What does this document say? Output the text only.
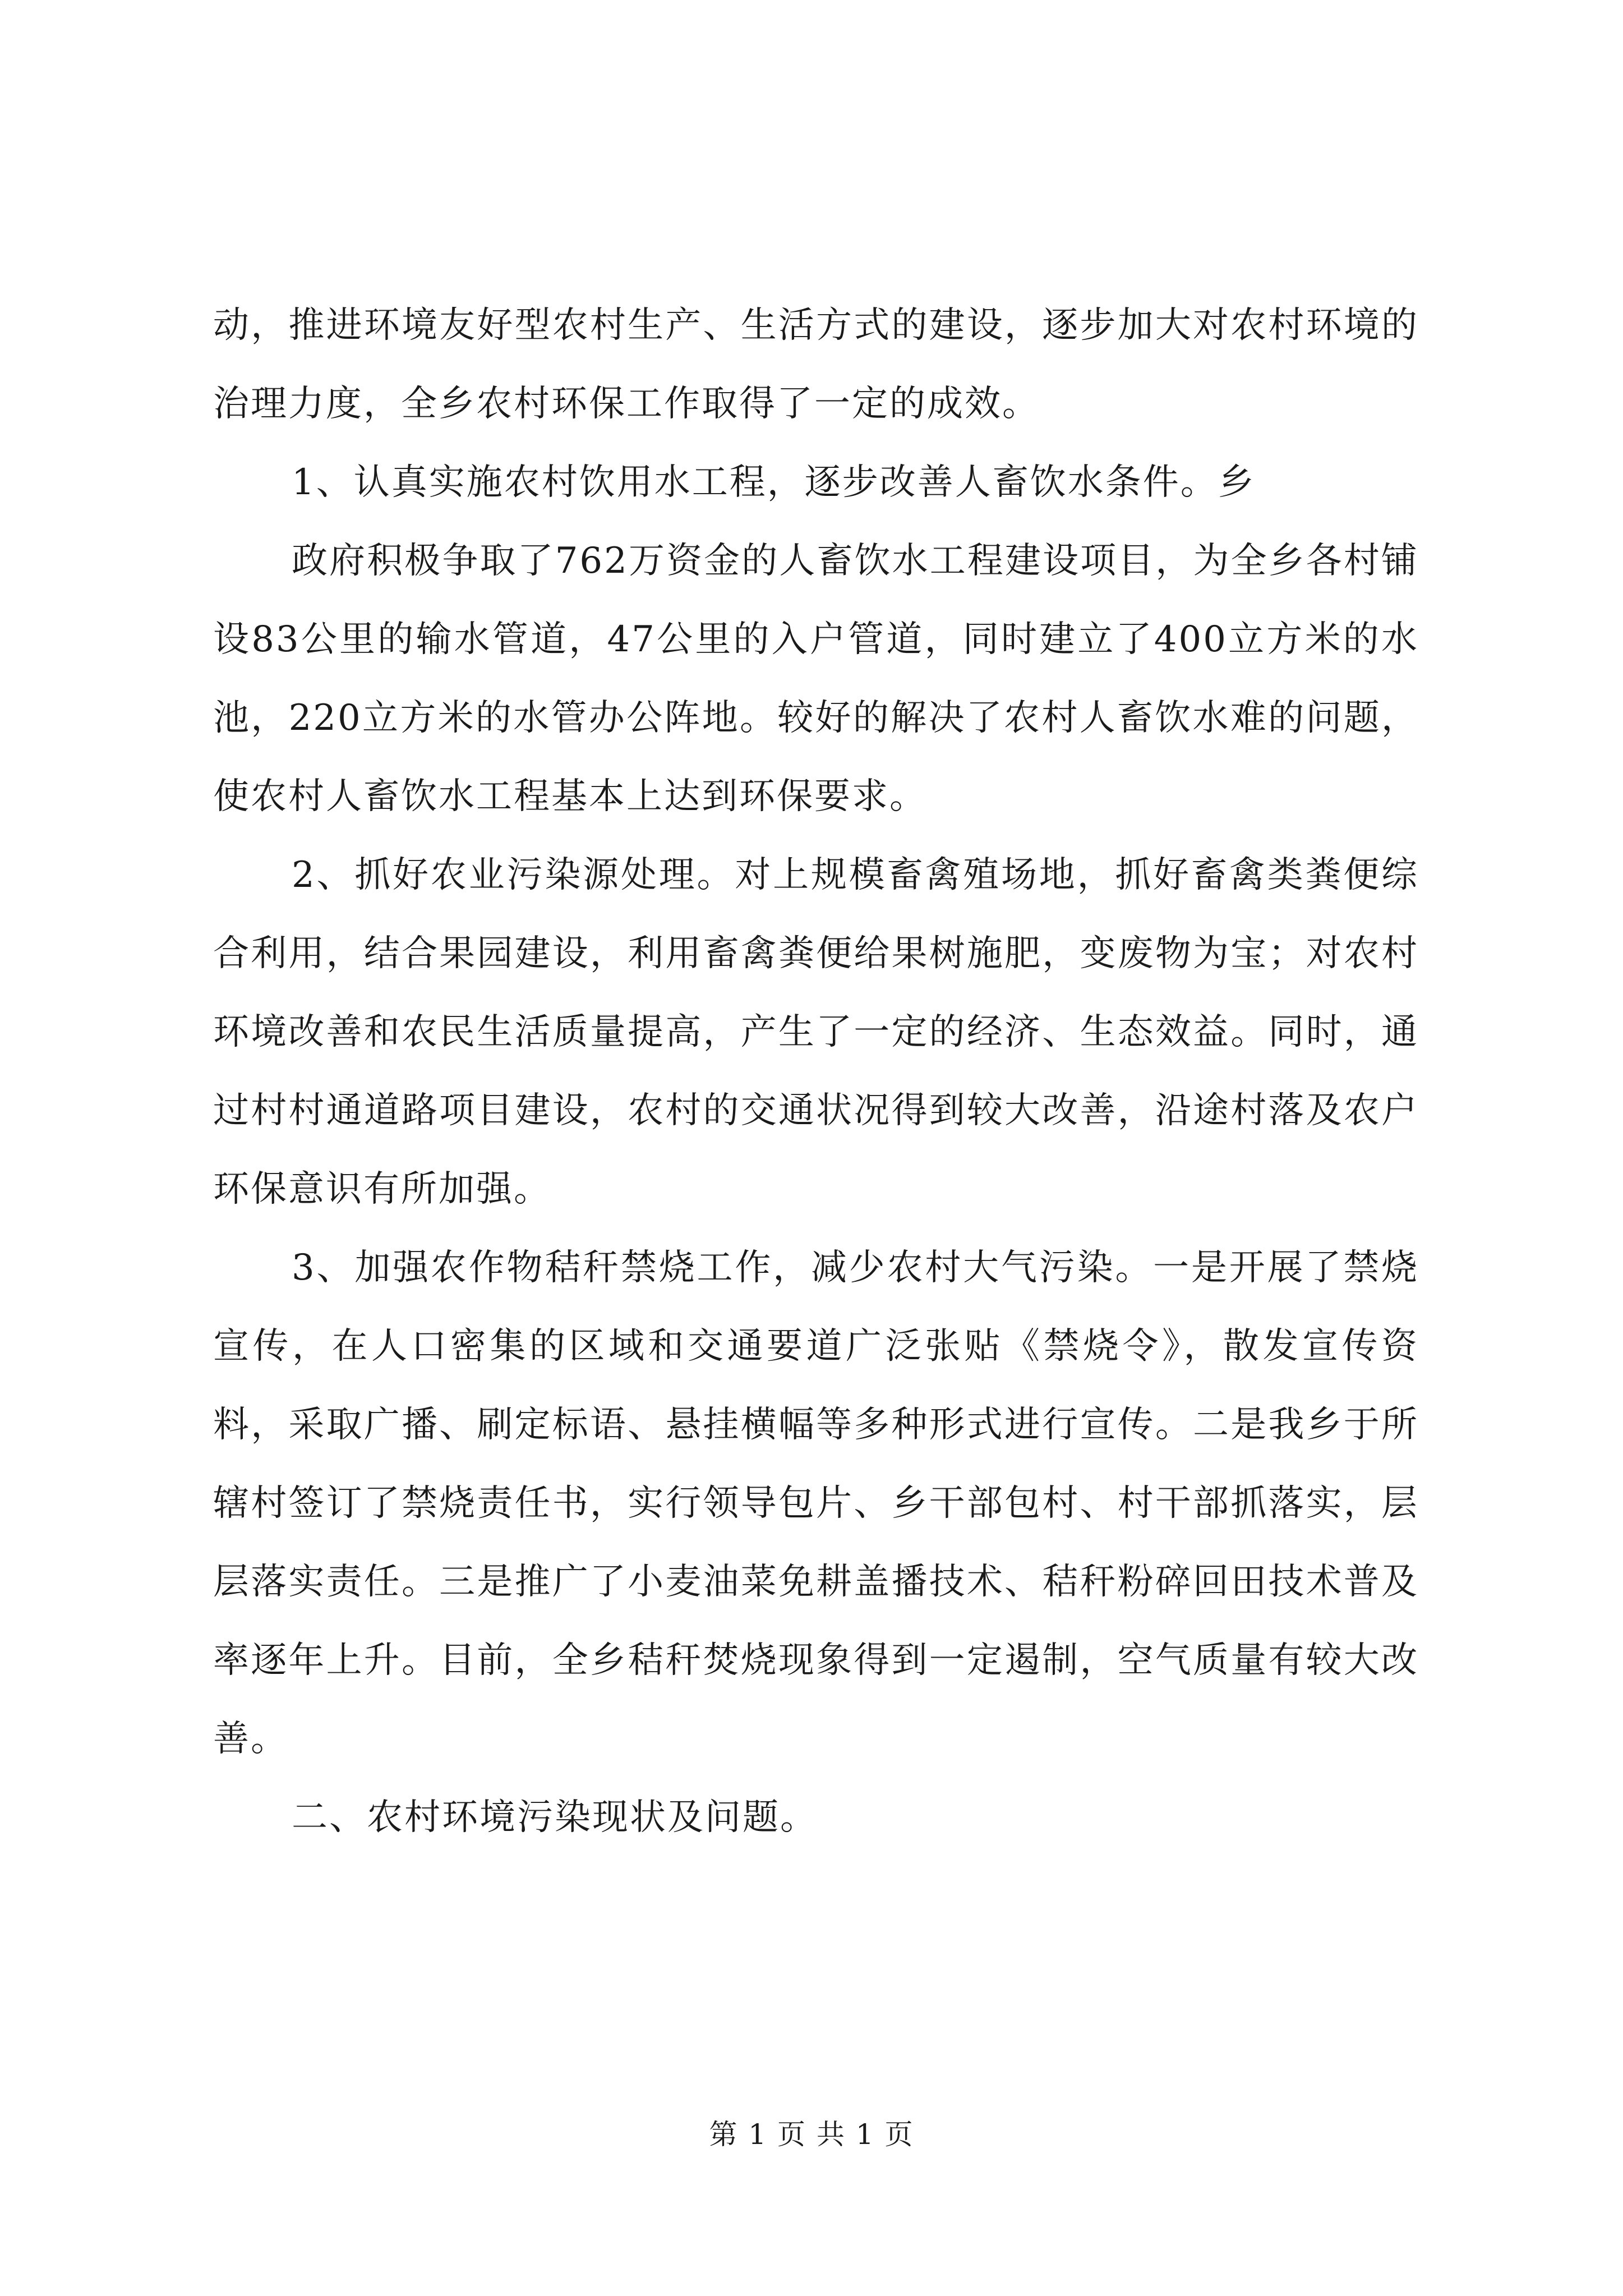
动，推进环境友好型农村生产、生活方式的建设，逐步加大对农村环境的治理力度，全乡农村环保工作取得了一定的成效。

1、认真实施农村饮用水工程，逐步改善人畜饮水条件。乡

政府积极争取了762万资金的人畜饮水工程建设项目，为全乡各村铺设83公里的输水管道，47公里的入户管道，同时建立了400立方米的水池，220立方米的水管办公阵地。较好的解决了农村人畜饮水难的问题，使农村人畜饮水工程基本上达到环保要求。

2、抓好农业污染源处理。对上规模畜禽殖场地，抓好畜禽类粪便综合利用，结合果园建设，利用畜禽粪便给果树施肥，变废物为宝；对农村环境改善和农民生活质量提高，产生了一定的经济、生态效益。同时，通过村村通道路项目建设，农村的交通状况得到较大改善，沿途村落及农户环保意识有所加强。

3、加强农作物秸秆禁烧工作，减少农村大气污染。一是开展了禁烧宣传，在人口密集的区域和交通要道广泛张贴《禁烧令》，散发宣传资料，采取广播、刷定标语、悬挂横幅等多种形式进行宣传。二是我乡于所辖村签订了禁烧责任书，实行领导包片、乡干部包村、村干部抓落实，层层落实责任。三是推广了小麦油菜免耕盖播技术、秸秆粉碎回田技术普及率逐年上升。目前，全乡秸秆焚烧现象得到一定遏制，空气质量有较大改善。

二、农村环境污染现状及问题。

第 1 页 共 1 页
